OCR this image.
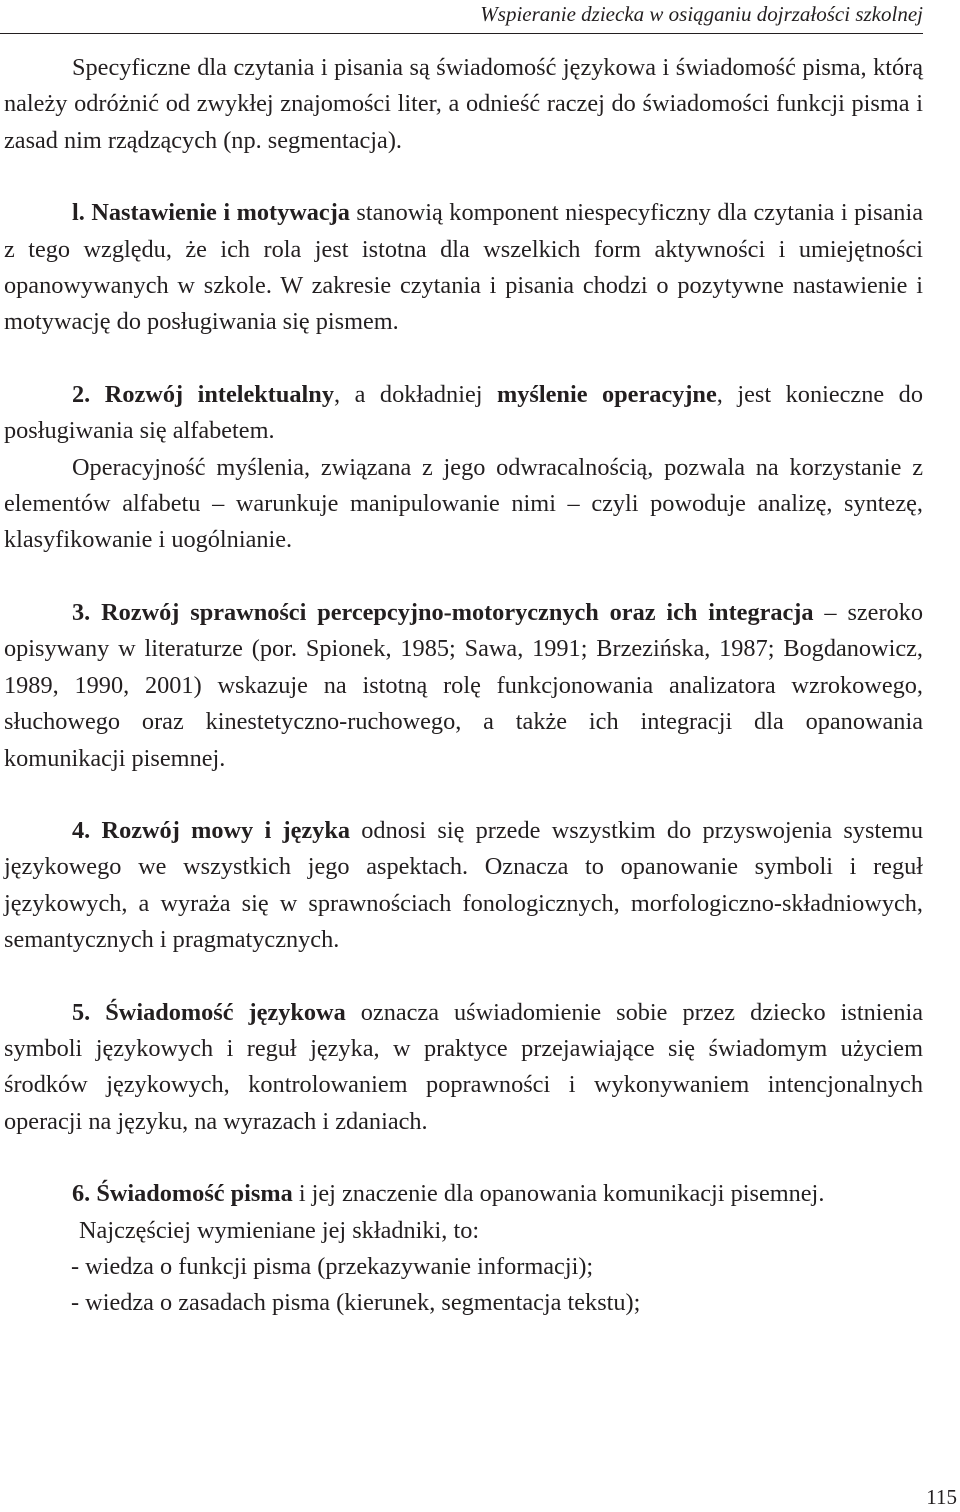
Wspieranie dziecka w osiąganiu dojrzałości szkolnej

Specyficzne dla czytania i pisania są świadomość językowa i świadomość pisma, którą należy odróżnić od zwykłej znajomości liter, a odnieść raczej do świadomości funkcji pisma i zasad nim rządzących (np. segmentacja).

l. Nastawienie i motywacja stanowią komponent niespecyficzny dla czytania i pisania z tego względu, że ich rola jest istotna dla wszelkich form aktywności i umiejętności opanowywanych w szkole. W zakresie czytania i pisania chodzi o pozytywne nastawienie i motywację do posługiwania się pismem.

2. Rozwój intelektualny, a dokładniej myślenie operacyjne, jest konieczne do posługiwania się alfabetem.

Operacyjność myślenia, związana z jego odwracalnością, pozwala na korzystanie z elementów alfabetu – warunkuje manipulowanie nimi – czyli powoduje analizę, syntezę, klasyfikowanie i uogólnianie.

3. Rozwój sprawności percepcyjno-motorycznych oraz ich integracja – szeroko opisywany w literaturze (por. Spionek, 1985; Sawa, 1991; Brzezińska, 1987; Bogdanowicz, 1989, 1990, 2001) wskazuje na istotną rolę funkcjonowania analizatora wzrokowego, słuchowego oraz kinestetyczno-ruchowego, a także ich integracji dla opanowania komunikacji pisemnej.

4. Rozwój mowy i języka odnosi się przede wszystkim do przyswojenia systemu językowego we wszystkich jego aspektach. Oznacza to opanowanie symboli i reguł językowych, a wyraża się w sprawnościach fonologicznych, morfologiczno-składniowych, semantycznych i pragmatycznych.

5. Świadomość językowa oznacza uświadomienie sobie przez dziecko istnienia symboli językowych i reguł języka, w praktyce przejawiające się świadomym użyciem środków językowych, kontrolowaniem poprawności i wykonywaniem intencjonalnych operacji na języku, na wyrazach i zdaniach.

6. Świadomość pisma i jej znaczenie dla opanowania komunikacji pisemnej.

Najczęściej wymieniane jej składniki, to:

- wiedza o funkcji pisma (przekazywanie informacji);

- wiedza o zasadach pisma (kierunek, segmentacja tekstu);

115
